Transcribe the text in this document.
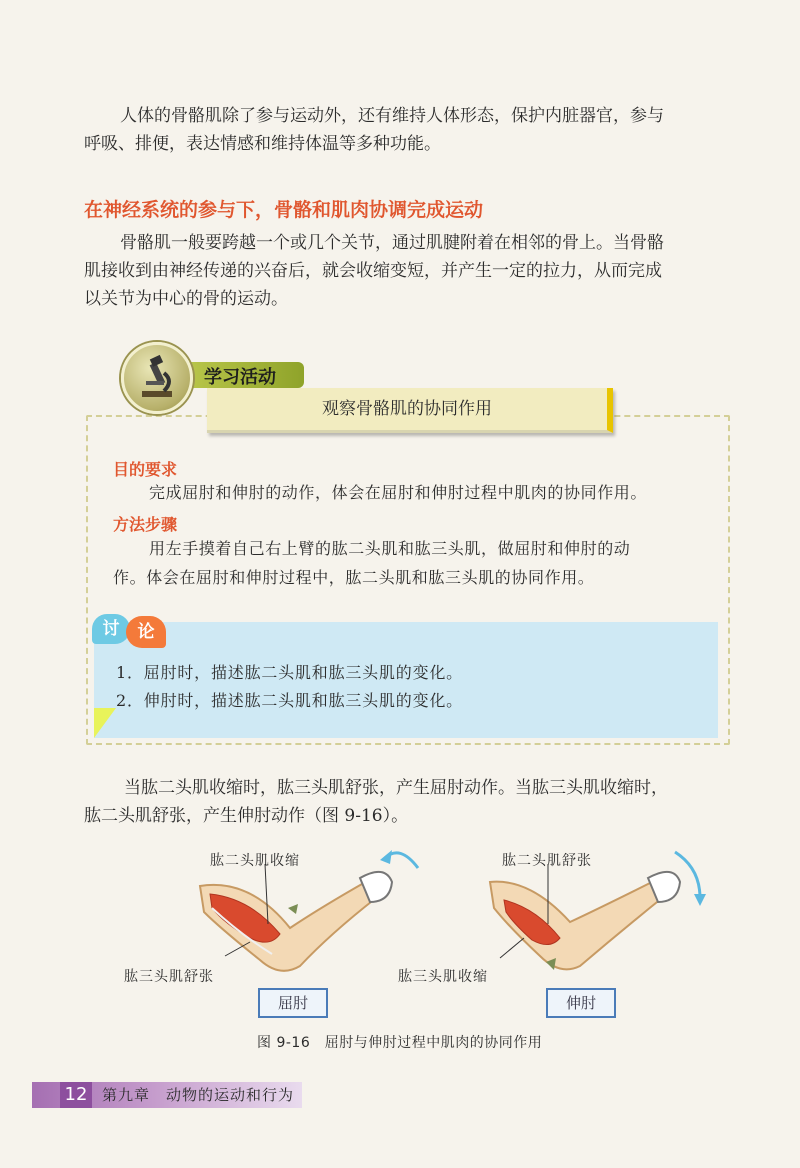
人体的骨骼肌除了参与运动外，还有维持人体形态，保护内脏器官，参与
呼吸、排便，表达情感和维持体温等多种功能。
在神经系统的参与下，骨骼和肌肉协调完成运动
骨骼肌一般要跨越一个或几个关节，通过肌腱附着在相邻的骨上。当骨骼
肌接收到由神经传递的兴奋后，就会收缩变短，并产生一定的拉力，从而完成
以关节为中心的骨的运动。
学习活动
观察骨骼肌的协同作用
目的要求
完成屈肘和伸肘的动作，体会在屈肘和伸肘过程中肌肉的协同作用。
方法步骤
用左手摸着自己右上臂的肱二头肌和肱三头肌，做屈肘和伸肘的动
作。体会在屈肘和伸肘过程中，肱二头肌和肱三头肌的协同作用。
讨	论
1．屈肘时，描述肱二头肌和肱三头肌的变化。
2．伸肘时，描述肱二头肌和肱三头肌的变化。
当肱二头肌收缩时，肱三头肌舒张，产生屈肘动作。当肱三头肌收缩时，
肱二头肌舒张，产生伸肘动作（图 9-16）。
肱二头肌收缩
肱三头肌舒张
屈肘
肱二头肌舒张
肱三头肌收缩
伸肘
图 9-16　屈肘与伸肘过程中肌肉的协同作用
12 第九章　动物的运动和行为
